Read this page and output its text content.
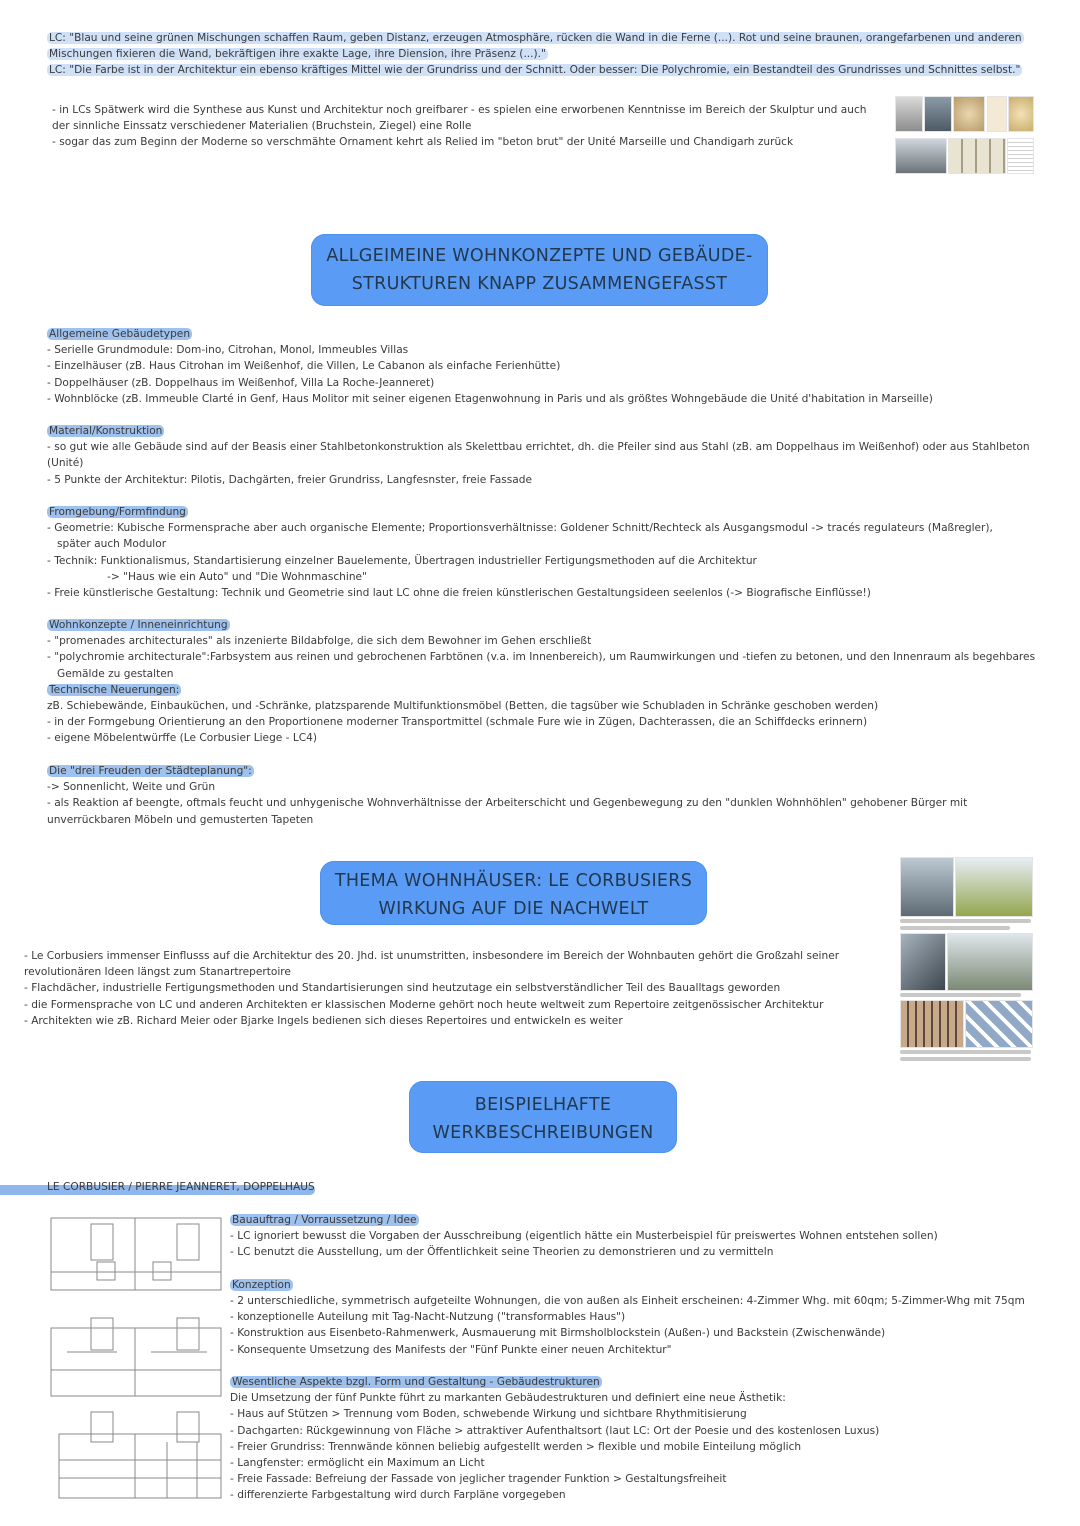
LC: "Blau und seine grünen Mischungen schaffen Raum, geben Distanz, erzeugen Atmosphäre, rücken die Wand in die Ferne (...). Rot und seine braunen, orangefarbenen und anderen
Mischungen fixieren die Wand, bekräftigen ihre exakte Lage, ihre Diension, ihre Präsenz (...)."
LC: "Die Farbe ist in der Architektur ein ebenso kräftiges Mittel wie der Grundriss und der Schnitt. Oder besser: Die Polychromie, ein Bestandteil des Grundrisses und Schnittes selbst."
- in LCs Spätwerk wird die Synthese aus Kunst und Architektur noch greifbarer - es spielen eine erworbenen Kenntnisse im Bereich der Skulptur und auch
der sinnliche Einssatz verschiedener Materialien (Bruchstein, Ziegel) eine Rolle
- sogar das zum Beginn der Moderne so verschmähte Ornament kehrt als Relied im "beton brut" der Unité Marseille und Chandigarh zurück
ALLGEIMEINE WOHNKONZEPTE UND GEBÄUDE-
STRUKTUREN KNAPP ZUSAMMENGEFASST
Allgemeine Gebäudetypen
- Serielle Grundmodule: Dom-ino, Citrohan, Monol, Immeubles Villas
- Einzelhäuser (zB. Haus Citrohan im Weißenhof, die Villen, Le Cabanon als einfache Ferienhütte)
- Doppelhäuser (zB. Doppelhaus im Weißenhof, Villa La Roche-Jeanneret)
- Wohnblöcke (zB. Immeuble Clarté in Genf, Haus Molitor mit seiner eigenen Etagenwohnung in Paris und als größtes Wohngebäude die Unité d'habitation in Marseille)
Material/Konstruktion
- so gut wie alle Gebäude sind auf der Beasis einer Stahlbetonkonstruktion als Skelettbau errichtet, dh. die Pfeiler sind aus Stahl (zB. am Doppelhaus im Weißenhof) oder aus Stahlbeton
(Unité)
- 5 Punkte der Architektur: Pilotis, Dachgärten, freier Grundriss, Langfesnster, freie Fassade
Fromgebung/Formfindung
- Geometrie: Kubische Formensprache aber auch organische Elemente; Proportionsverhältnisse: Goldener Schnitt/Rechteck als Ausgangsmodul -> tracés regulateurs (Maßregler),
später auch Modulor
- Technik: Funktionalismus, Standartisierung einzelner Bauelemente, Übertragen industrieller Fertigungsmethoden auf die Architektur
-> "Haus wie ein Auto" und "Die Wohnmaschine"
- Freie künstlerische Gestaltung: Technik und Geometrie sind laut LC ohne die freien künstlerischen Gestaltungsideen seelenlos (-> Biografische Einflüsse!)
Wohnkonzepte / Inneneinrichtung
- "promenades architecturales" als inzenierte Bildabfolge, die sich dem Bewohner im Gehen erschließt
- "polychromie architecturale":Farbsystem aus reinen und gebrochenen Farbtönen (v.a. im Innenbereich), um Raumwirkungen und -tiefen zu betonen, und den Innenraum als begehbares
Gemälde zu gestalten
Technische Neuerungen:
zB. Schiebewände, Einbauküchen, und -Schränke, platzsparende Multifunktionsmöbel (Betten, die tagsüber wie Schubladen in Schränke geschoben werden)
- in der Formgebung Orientierung an den Proportionene moderner Transportmittel (schmale Fure wie in Zügen, Dachterassen, die an Schiffdecks erinnern)
- eigene Möbelentwürffe (Le Corbusier Liege - LC4)
Die "drei Freuden der Städteplanung":
-> Sonnenlicht, Weite und Grün
- als Reaktion af beengte, oftmals feucht und unhygenische Wohnverhältnisse der Arbeiterschicht und Gegenbewegung zu den "dunklen Wohnhöhlen" gehobener Bürger mit
unverrückbaren Möbeln und gemusterten Tapeten
THEMA WOHNHÄUSER: LE CORBUSIERS
WIRKUNG AUF DIE NACHWELT
- Le Corbusiers immenser Einflusss auf die Architektur des 20. Jhd. ist unumstritten, insbesondere im Bereich der Wohnbauten gehört die Großzahl seiner
revolutionären Ideen längst zum Stanartrepertoire
- Flachdächer, industrielle Fertigungsmethoden und Standartisierungen sind heutzutage ein selbstverständlicher Teil des Baualltags geworden
- die Formensprache von LC und anderen Architekten er klassischen Moderne gehört noch heute weltweit zum Repertoire zeitgenössischer Architektur
- Architekten wie zB. Richard Meier oder Bjarke Ingels bedienen sich dieses Repertoires und entwickeln es weiter
BEISPIELHAFTE
WERKBESCHREIBUNGEN
LE CORBUSIER / PIERRE JEANNERET, DOPPELHAUS
Bauauftrag / Vorraussetzung / Idee
- LC ignoriert bewusst die Vorgaben der Ausschreibung (eigentlich hätte ein Musterbeispiel für preiswertes Wohnen entstehen sollen)
- LC benutzt die Ausstellung, um der Öffentlichkeit seine Theorien zu demonstrieren und zu vermitteln

Konzeption
- 2 unterschiedliche, symmetrisch aufgeteilte Wohnungen, die von außen als Einheit erscheinen: 4-Zimmer Whg. mit 60qm; 5-Zimmer-Whg mit 75qm
- konzeptionelle Auteilung mit Tag-Nacht-Nutzung ("transformables Haus")
- Konstruktion aus Eisenbeto-Rahmenwerk, Ausmauerung mit Birmsholblockstein (Außen-) und Backstein (Zwischenwände)
- Konsequente Umsetzung des Manifests der "Fünf Punkte einer neuen Architektur"

Wesentliche Aspekte bzgl. Form und Gestaltung - Gebäudestrukturen
Die Umsetzung der fünf Punkte führt zu markanten Gebäudestrukturen und definiert eine neue Ästhetik:
- Haus auf Stützen > Trennung vom Boden, schwebende Wirkung und sichtbare Rhythmitisierung
- Dachgarten: Rückgewinnung von Fläche > attraktiver Aufenthaltsort (laut LC: Ort der Poesie und des kostenlosen Luxus)
- Freier Grundriss: Trennwände können beliebig aufgestellt werden > flexible und mobile Einteilung möglich
- Langfenster: ermöglicht ein Maximum an Licht
- Freie Fassade: Befreiung der Fassade von jeglicher tragender Funktion > Gestaltungsfreiheit
- differenzierte Farbgestaltung wird durch Farpläne vorgegeben
